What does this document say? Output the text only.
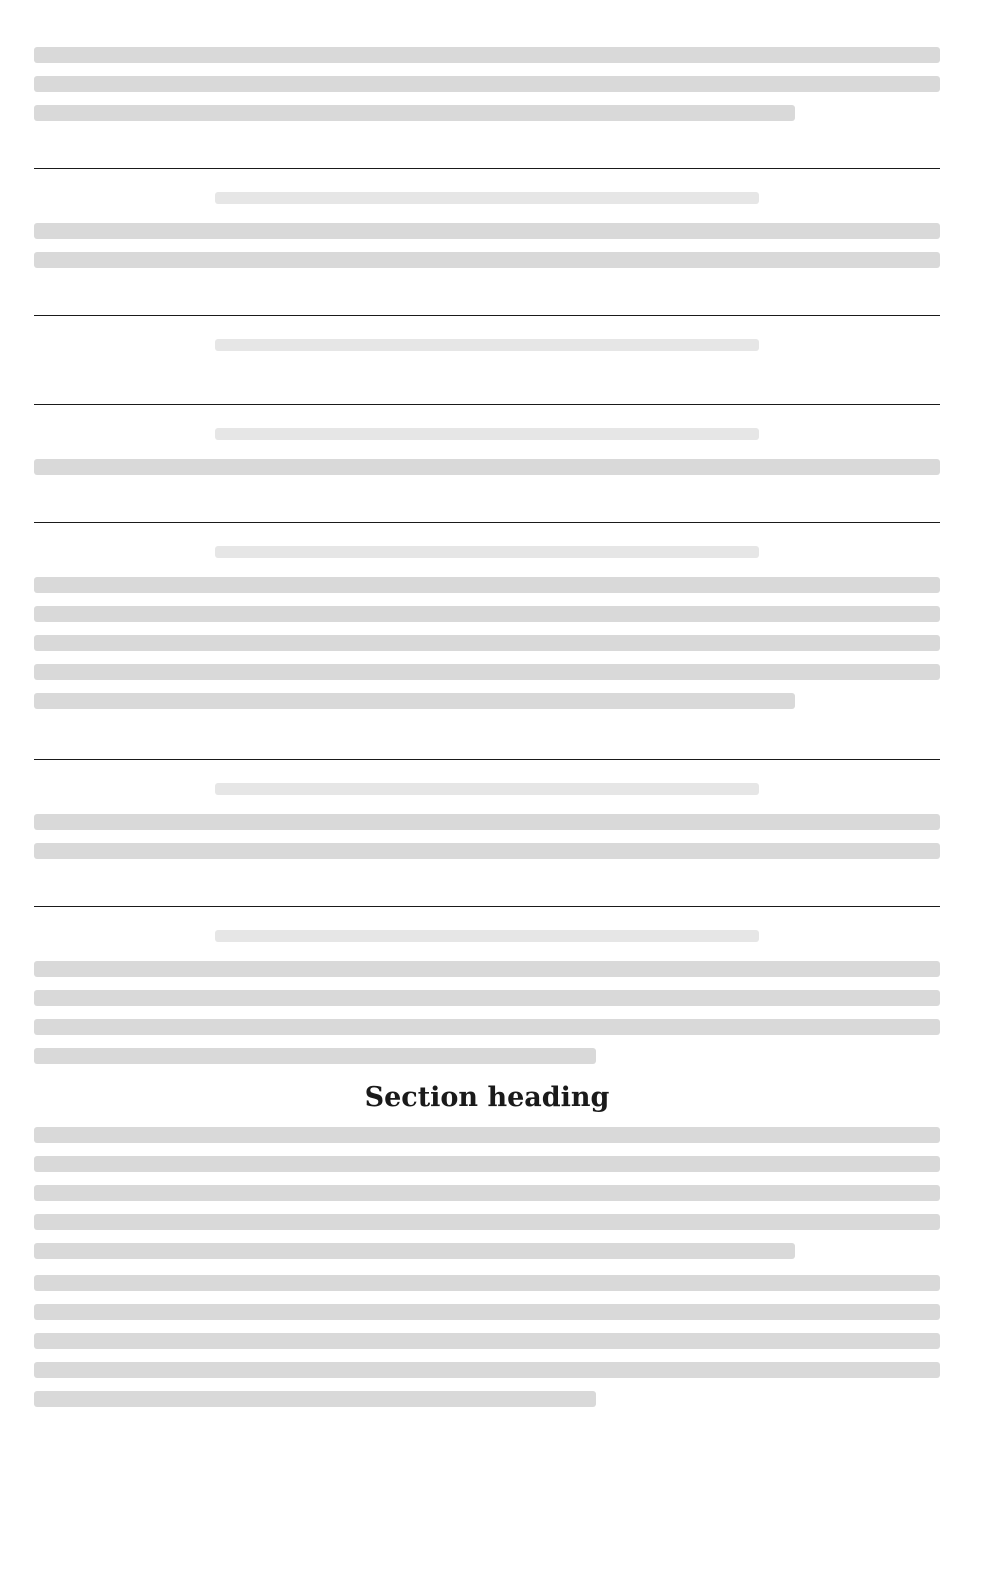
Section heading
